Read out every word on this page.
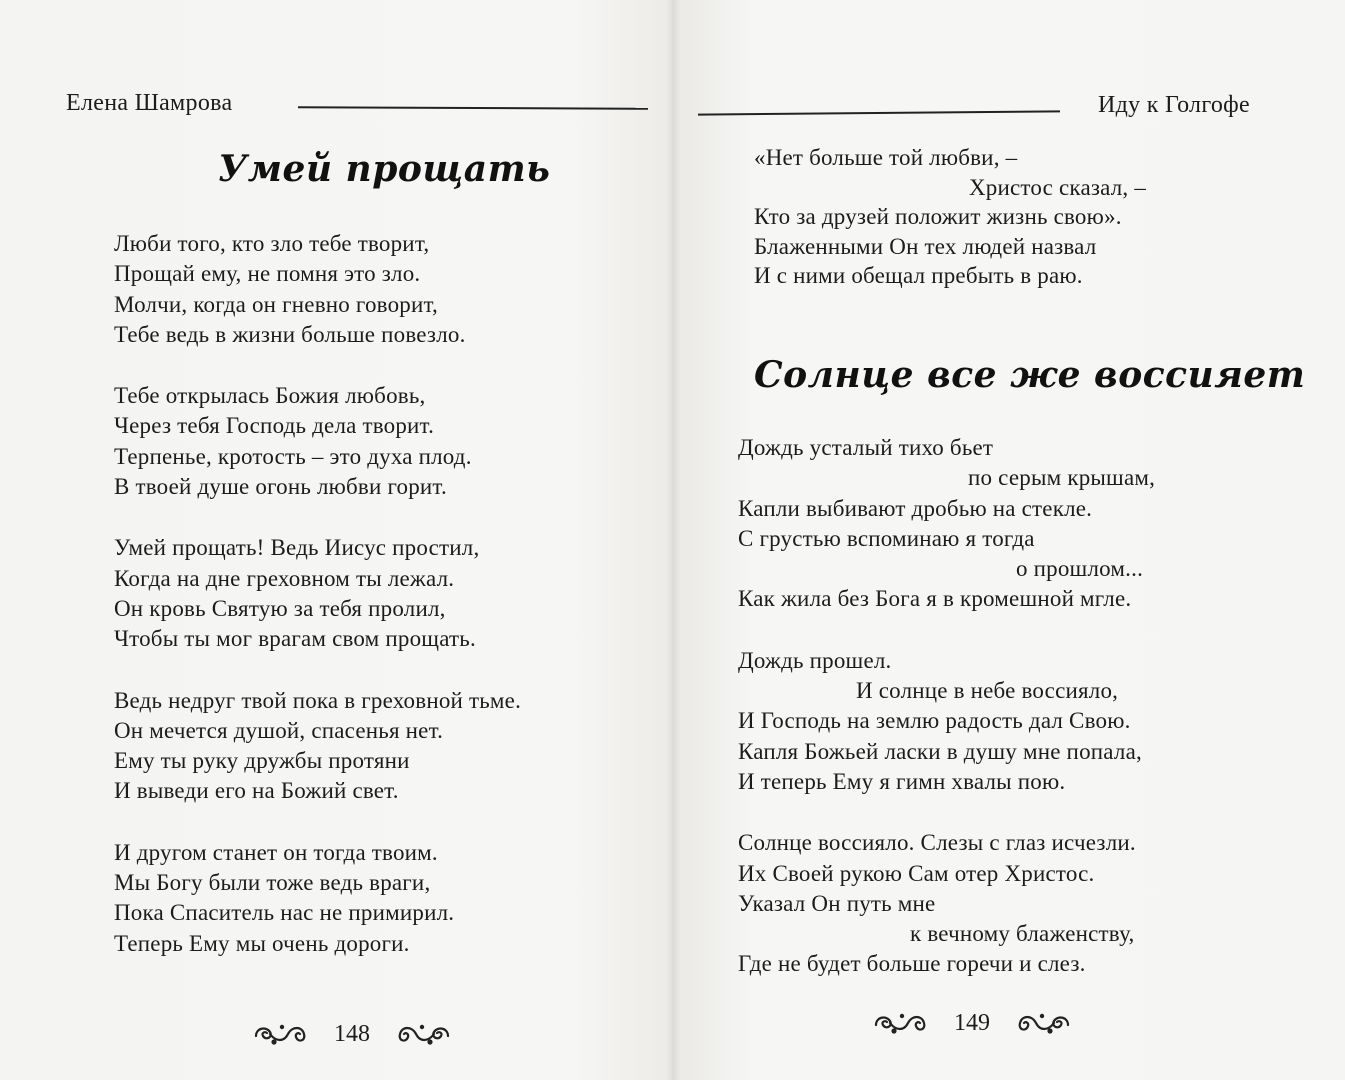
Елена Шамрова
Умей прощать
Люби того, кто зло тебе творит,
Прощай ему, не помня это зло.
Молчи, когда он гневно говорит,
Тебе ведь в жизни больше повезло.
Тебе открылась Божия любовь,
Через тебя Господь дела творит.
Терпенье, кротость – это духа плод.
В твоей душе огонь любви горит.
Умей прощать! Ведь Иисус простил,
Когда на дне греховном ты лежал.
Он кровь Святую за тебя пролил,
Чтобы ты мог врагам свом прощать.
Ведь недруг твой пока в греховной тьме.
Он мечется душой, спасенья нет.
Ему ты руку дружбы протяни
И выведи его на Божий свет.
И другом станет он тогда твоим.
Мы Богу были тоже ведь враги,
Пока Спаситель нас не примирил.
Теперь Ему мы очень дороги.
148
Иду к Голгофе
«Нет больше той любви, –
Христос сказал, –
Кто за друзей положит жизнь свою».
Блаженными Он тех людей назвал
И с ними обещал пребыть в раю.
Солнце все же воссияет
Дождь усталый тихо бьет
по серым крышам,
Капли выбивают дробью на стекле.
С грустью вспоминаю я тогда
о прошлом...
Как жила без Бога я в кромешной мгле.
Дождь прошел.
И солнце в небе воссияло,
И Господь на землю радость дал Свою.
Капля Божьей ласки в душу мне попала,
И теперь Ему я гимн хвалы пою.
Солнце воссияло. Слезы с глаз исчезли.
Их Своей рукою Сам отер Христос.
Указал Он путь мне
к вечному блаженству,
Где не будет больше горечи и слез.
149
